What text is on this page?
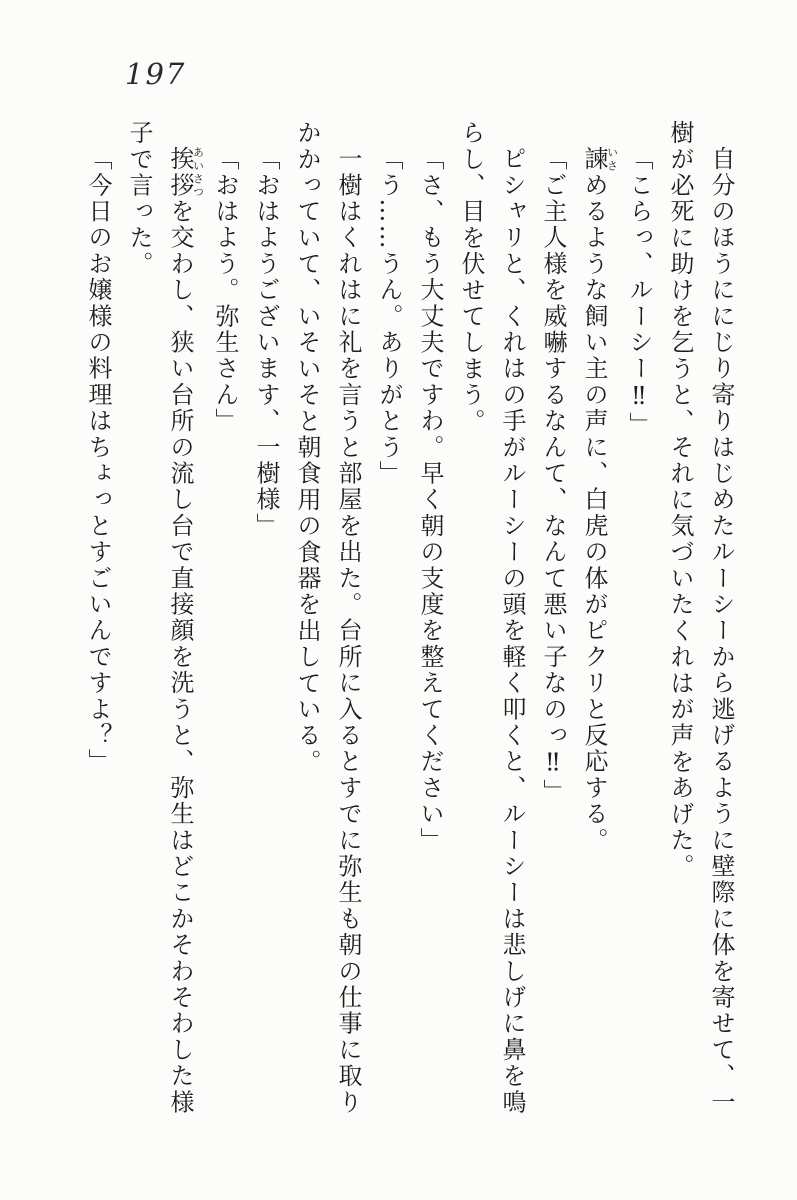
197
自分のほうににじり寄りはじめたルーシーから逃げるように壁際に体を寄せて、一
樹が必死に助けを乞うと、それに気づいたくれはが声をあげた。
「こらっ、ルーシー‼」
諫いさめるような飼い主の声に、白虎の体がピクリと反応する。
「ご主人様を威嚇するなんて、なんて悪い子なのっ‼」
ピシャリと、くれはの手がルーシーの頭を軽く叩くと、ルーシーは悲しげに鼻を鳴
らし、目を伏せてしまう。
「さ、もう大丈夫ですわ。早く朝の支度を整えてください」
「う……うん。ありがとう」
一樹はくれはに礼を言うと部屋を出た。台所に入るとすでに弥生も朝の仕事に取り
かかっていて、いそいそと朝食用の食器を出している。
「おはようございます、一樹様」
「おはよう。弥生さん」
挨拶あいさつを交わし、狭い台所の流し台で直接顔を洗うと、弥生はどこかそわそわした様
子で言った。
「今日のお嬢様の料理はちょっとすごいんですよ？」
